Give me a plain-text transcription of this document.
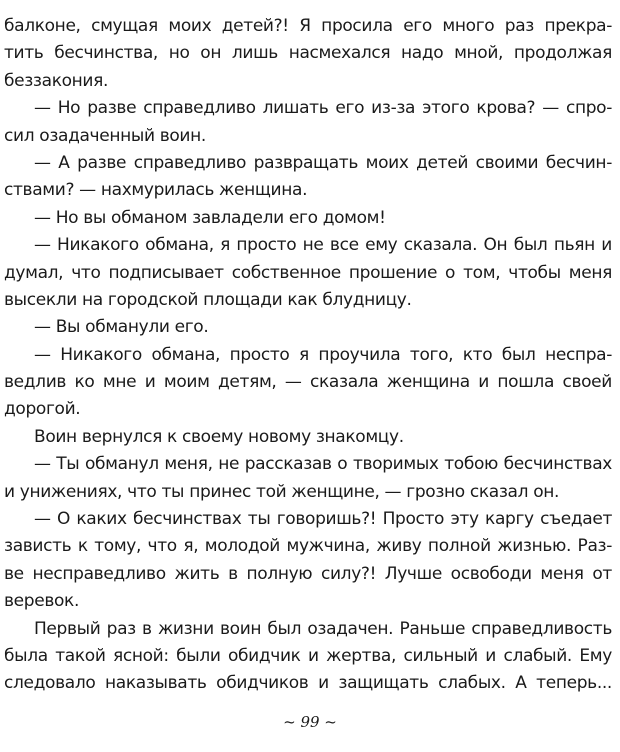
балконе, смущая моих детей?! Я просила его много раз прекра-
тить бесчинства, но он лишь насмехался надо мной, продолжая
беззакония.
— Но разве справедливо лишать его из-за этого крова? — спро-
сил озадаченный воин.
— А разве справедливо развращать моих детей своими бесчин-
ствами? — нахмурилась женщина.
— Но вы обманом завладели его домом!
— Никакого обмана, я просто не все ему сказала. Он был пьян и
думал, что подписывает собственное прошение о том, чтобы меня
высекли на городской площади как блудницу.
— Вы обманули его.
— Никакого обмана, просто я проучила того, кто был неспра-
ведлив ко мне и моим детям, — сказала женщина и пошла своей
дорогой.
Воин вернулся к своему новому знакомцу.
— Ты обманул меня, не рассказав о творимых тобою бесчинствах
и унижениях, что ты принес той женщине, — грозно сказал он.
— О каких бесчинствах ты говоришь?! Просто эту каргу съедает
зависть к тому, что я, молодой мужчина, живу полной жизнью. Раз-
ве несправедливо жить в полную силу?! Лучше освободи меня от
веревок.
Первый раз в жизни воин был озадачен. Раньше справедливость
была такой ясной: были обидчик и жертва, сильный и слабый. Ему
следовало наказывать обидчиков и защищать слабых. А теперь...
~ 99 ~
